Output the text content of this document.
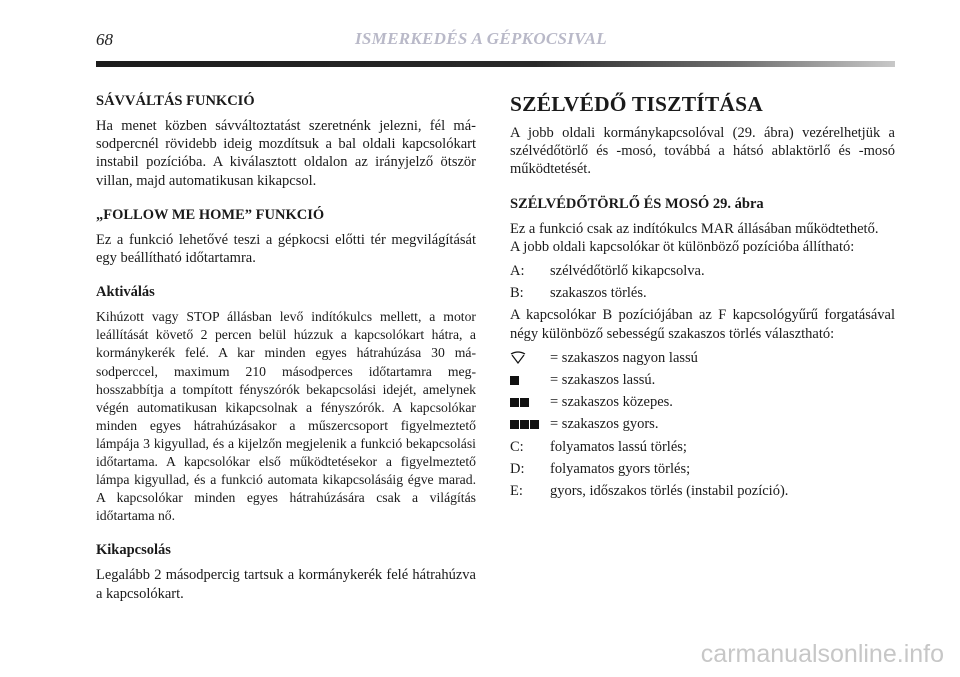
68	ISMERKEDÉS A GÉPKOCSIVAL
SÁVVÁLTÁS FUNKCIÓ

Ha menet közben sávváltoztatást szeretnénk jelezni, fél másodpercnél rövidebb ideig mozdítsuk a bal oldali kapcsolókart instabil pozícióba. A kiválasztott oldalon az irányjelző ötször villan, majd automatikusan kikapcsol.

„FOLLOW ME HOME” FUNKCIÓ

Ez a funkció lehetővé teszi a gépkocsi előtti tér megvilágítását egy beállítható időtartamra.

Aktiválás

Kihúzott vagy STOP állásban levő indítókulcs mellett, a motor leállítását követő 2 percen belül húzzuk a kapcsolókart hátra, a kormánykerék felé. A kar minden egyes hátrahúzása 30 másodperccel, maximum 210 másodperces időtartamra meghosszabbítja a tompított fényszórók bekapcsolási idejét, amelynek végén automatikusan kikapcsolnak a fényszórók. A kapcsolókar minden egyes hátrahúzásakor a műszercsoport figyelmeztető lámpája 3 kigyullad, és a kijelzőn megjelenik a funkció bekapcsolási időtartama. A kapcsolókar első működtetésekor a figyelmeztető lámpa kigyullad, és a funkció automata kikapcsolásáig égve marad. A kapcsolókar minden egyes hátrahúzására csak a világítás időtartama nő.

Kikapcsolás

Legalább 2 másodpercig tartsuk a kormánykerék felé hátrahúzva a kapcsolókart.

SZÉLVÉDŐ TISZTÍTÁSA

A jobb oldali kormánykapcsolóval (29. ábra) vezérelhetjük a szélvédőtörlő és -mosó, továbbá a hátsó ablaktörlő és -mosó működtetését.

SZÉLVÉDŐTÖRLŐ ÉS MOSÓ 29. ábra

Ez a funkció csak az indítókulcs MAR állásában működtethető.

A jobb oldali kapcsolókar öt különböző pozícióba állítható:

A:	szélvédőtörlő kikapcsolva.
B:	szakaszos törlés.

A kapcsolókar B pozíciójában az F kapcsológyűrű forgatásával négy különböző sebességű szakaszos törlés választható:

= szakaszos nagyon lassú
= szakaszos lassú.
= szakaszos közepes.
= szakaszos gyors.
C:	folyamatos lassú törlés;
D:	folyamatos gyors törlés;
E:	gyors, időszakos törlés (instabil pozíció).
carmanualsonline.info
